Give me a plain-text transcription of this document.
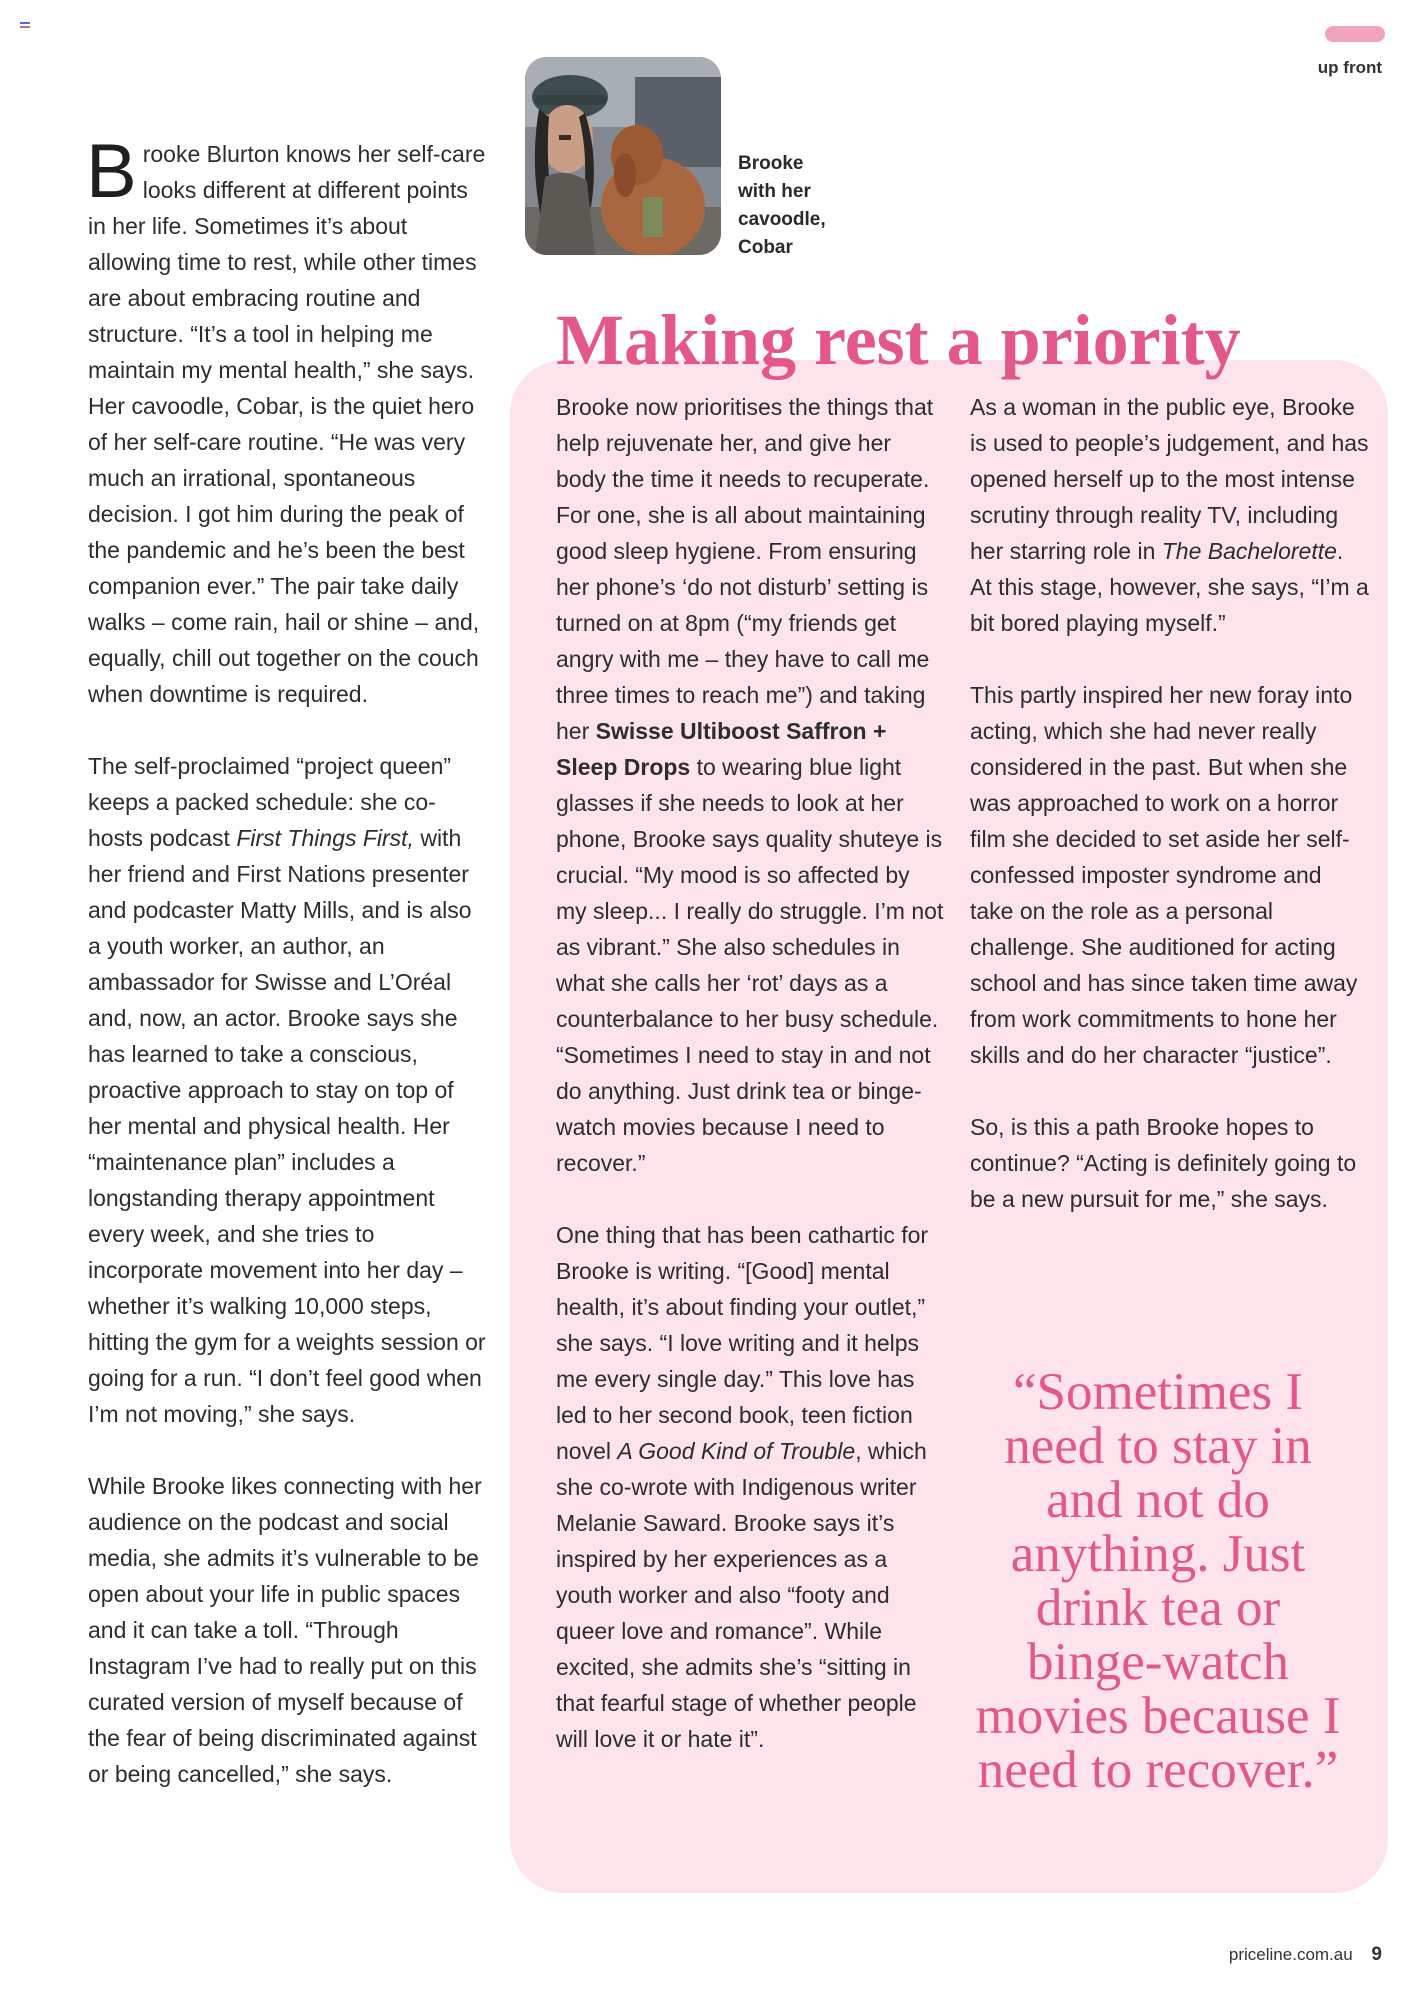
up front
Brooke
with her
cavoodle,
Cobar

Brooke Blurton knows her self-care looks different at different points in her life. Sometimes it’s about allowing time to rest, while other times are about embracing routine and structure. “It’s a tool in helping me maintain my mental health,” she says. Her cavoodle, Cobar, is the quiet hero of her self-care routine. “He was very much an irrational, spontaneous decision. I got him during the peak of the pandemic and he’s been the best companion ever.” The pair take daily walks – come rain, hail or shine – and, equally, chill out together on the couch when downtime is required.

The self-proclaimed “project queen” keeps a packed schedule: she co-hosts podcast First Things First, with her friend and First Nations presenter and podcaster Matty Mills, and is also a youth worker, an author, an ambassador for Swisse and L’Oréal and, now, an actor. Brooke says she has learned to take a conscious, proactive approach to stay on top of her mental and physical health. Her “maintenance plan” includes a longstanding therapy appointment every week, and she tries to incorporate movement into her day – whether it’s walking 10,000 steps, hitting the gym for a weights session or going for a run. “I don’t feel good when I’m not moving,” she says.

While Brooke likes connecting with her audience on the podcast and social media, she admits it’s vulnerable to be open about your life in public spaces and it can take a toll. “Through Instagram I’ve had to really put on this curated version of myself because of the fear of being discriminated against or being cancelled,” she says.

Making rest a priority

Brooke now prioritises the things that help rejuvenate her, and give her body the time it needs to recuperate. For one, she is all about maintaining good sleep hygiene. From ensuring her phone’s ‘do not disturb’ setting is turned on at 8pm (“my friends get angry with me – they have to call me three times to reach me”) and taking her Swisse Ultiboost Saffron + Sleep Drops to wearing blue light glasses if she needs to look at her phone, Brooke says quality shuteye is crucial. “My mood is so affected by my sleep... I really do struggle. I’m not as vibrant.” She also schedules in what she calls her ‘rot’ days as a counterbalance to her busy schedule. “Sometimes I need to stay in and not do anything. Just drink tea or binge-watch movies because I need to recover.”

One thing that has been cathartic for Brooke is writing. “[Good] mental health, it’s about finding your outlet,” she says. “I love writing and it helps me every single day.” This love has led to her second book, teen fiction novel A Good Kind of Trouble, which she co-wrote with Indigenous writer Melanie Saward. Brooke says it’s inspired by her experiences as a youth worker and also “footy and queer love and romance”. While excited, she admits she’s “sitting in that fearful stage of whether people will love it or hate it”.

As a woman in the public eye, Brooke is used to people’s judgement, and has opened herself up to the most intense scrutiny through reality TV, including her starring role in The Bachelorette. At this stage, however, she says, “I’m a bit bored playing myself.”

This partly inspired her new foray into acting, which she had never really considered in the past. But when she was approached to work on a horror film she decided to set aside her self-confessed imposter syndrome and take on the role as a personal challenge. She auditioned for acting school and has since taken time away from work commitments to hone her skills and do her character “justice”.

So, is this a path Brooke hopes to continue? “Acting is definitely going to be a new pursuit for me,” she says.

“Sometimes I need to stay in and not do anything. Just drink tea or binge-watch movies because I need to recover.”
priceline.com.au 9
